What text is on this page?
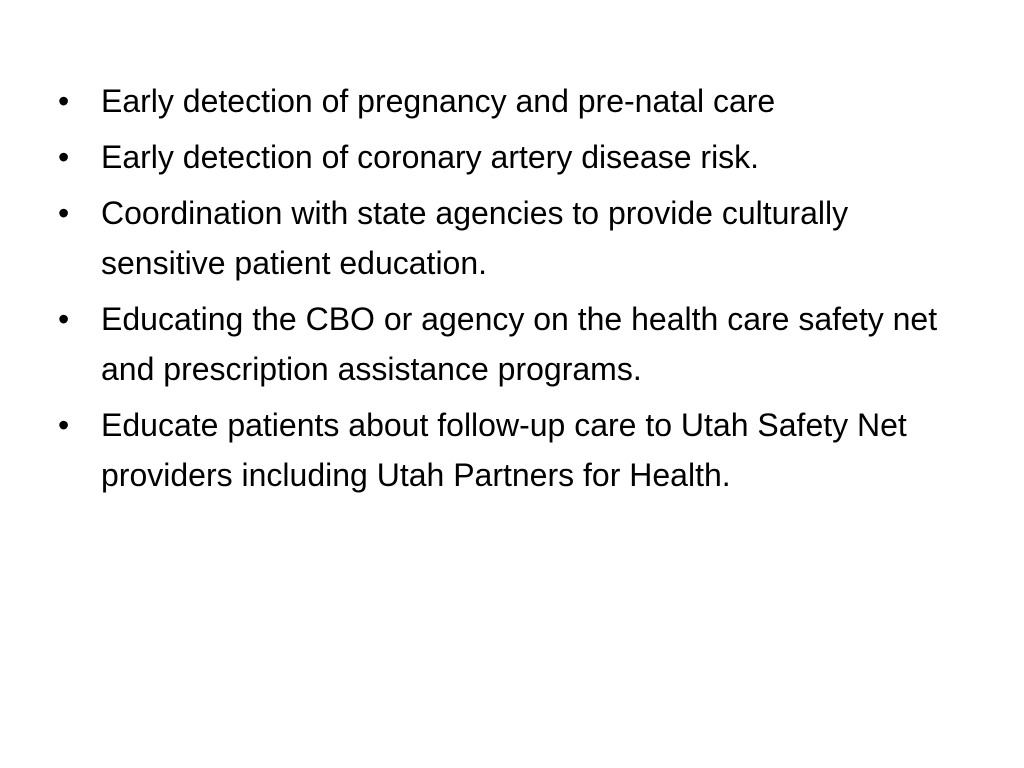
• Early detection of pregnancy and pre-natal care
• Early detection of coronary artery disease risk.
• Coordination with state agencies to provide culturally sensitive patient education.
• Educating the CBO or agency on the health care safety net and prescription assistance programs.
• Educate patients about follow-up care to Utah Safety Net providers including Utah Partners for Health.
